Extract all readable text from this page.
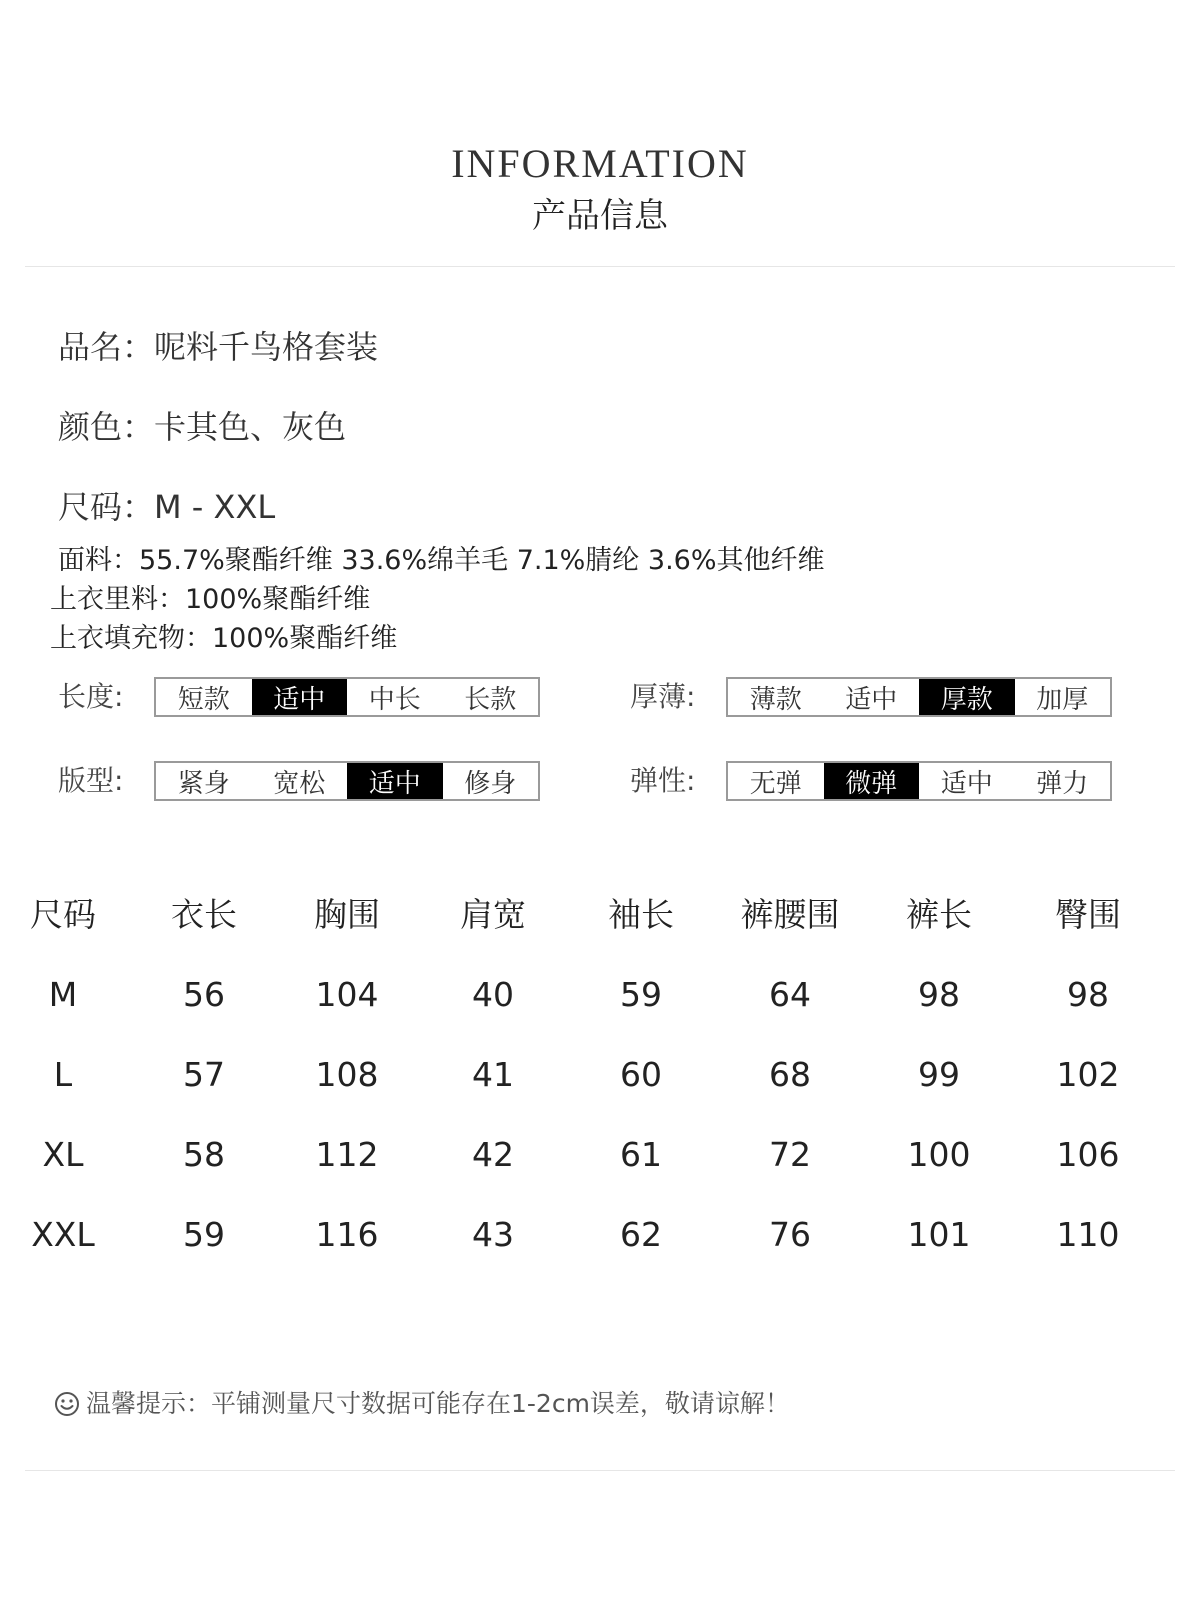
INFORMATION
产品信息
品名：呢料千鸟格套装
颜色：卡其色、灰色
尺码：M - XXL
面料：55.7%聚酯纤维 33.6%绵羊毛 7.1%腈纶 3.6%其他纤维
上衣里料：100%聚酯纤维
上衣填充物：100%聚酯纤维
长度:	短款	适中	中长	长款	厚薄:	薄款	适中	厚款	加厚
版型:	紧身	宽松	适中	修身	弹性:	无弹	微弹	适中	弹力
尺码	衣长	胸围	肩宽	袖长	裤腰围	裤长	臀围
M	56	104	40	59	64	98	98
L	57	108	41	60	68	99	102
XL	58	112	42	61	72	100	106
XXL	59	116	43	62	76	101	110
温馨提示：平铺测量尺寸数据可能存在1-2cm误差，敬请谅解！
